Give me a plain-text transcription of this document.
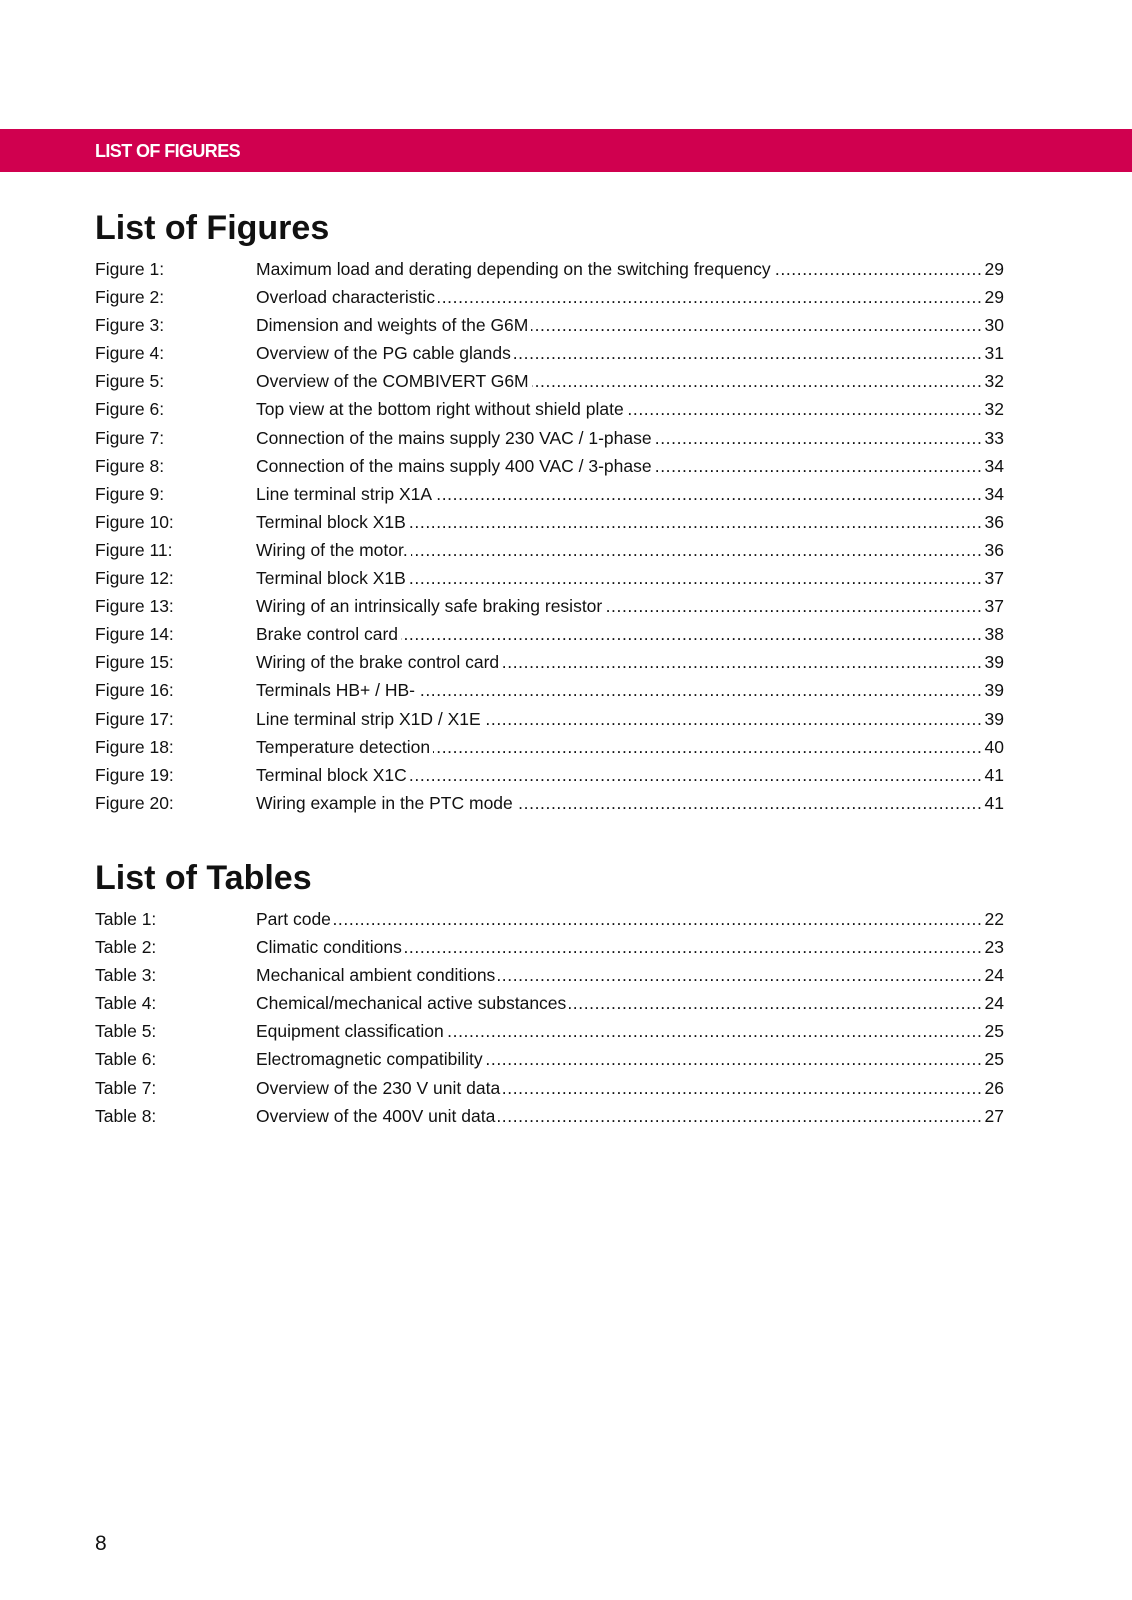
LIST OF FIGURES
List of Figures
Figure 1:	Maximum load and derating depending on the switching frequency	29
.....
Figure 2:	Overload characteristic	29
.....
Figure 3:	Dimension and weights of the G6M	30
.....
Figure 4:	Overview of the PG cable glands	31
.....
Figure 5:	Overview of the COMBIVERT G6M	32
.....
Figure 6:	Top view at the bottom right without shield plate	32
.....
Figure 7:	Connection of the mains supply 230 VAC / 1-phase	33
.....
Figure 8:	Connection of the mains supply 400 VAC / 3-phase	34
.....
Figure 9:	Line terminal strip X1A	34
.....
Figure 10:	Terminal block X1B	36
.....
Figure 11:	Wiring of the motor.	36
.....
Figure 12:	Terminal block X1B	37
.....
Figure 13:	Wiring of an intrinsically safe braking resistor	37
.....
Figure 14:	Brake control card	38
.....
Figure 15:	Wiring of the brake control card	39
.....
Figure 16:	Terminals HB+ / HB-	39
.....
Figure 17:	Line terminal strip X1D / X1E	39
.....
Figure 18:	Temperature detection	40
.....
Figure 19:	Terminal block X1C	41
.....
Figure 20:	Wiring example in the PTC mode	41
.....
List of Tables
Table 1:	Part code	22
.....
Table 2:	Climatic conditions	23
.....
Table 3:	Mechanical ambient conditions	24
.....
Table 4:	Chemical/mechanical active substances	24
.....
Table 5:	Equipment classification	25
.....
Table 6:	Electromagnetic compatibility	25
.....
Table 7:	Overview of the 230 V unit data	26
.....
Table 8:	Overview of the 400V unit data	27
.....
8
